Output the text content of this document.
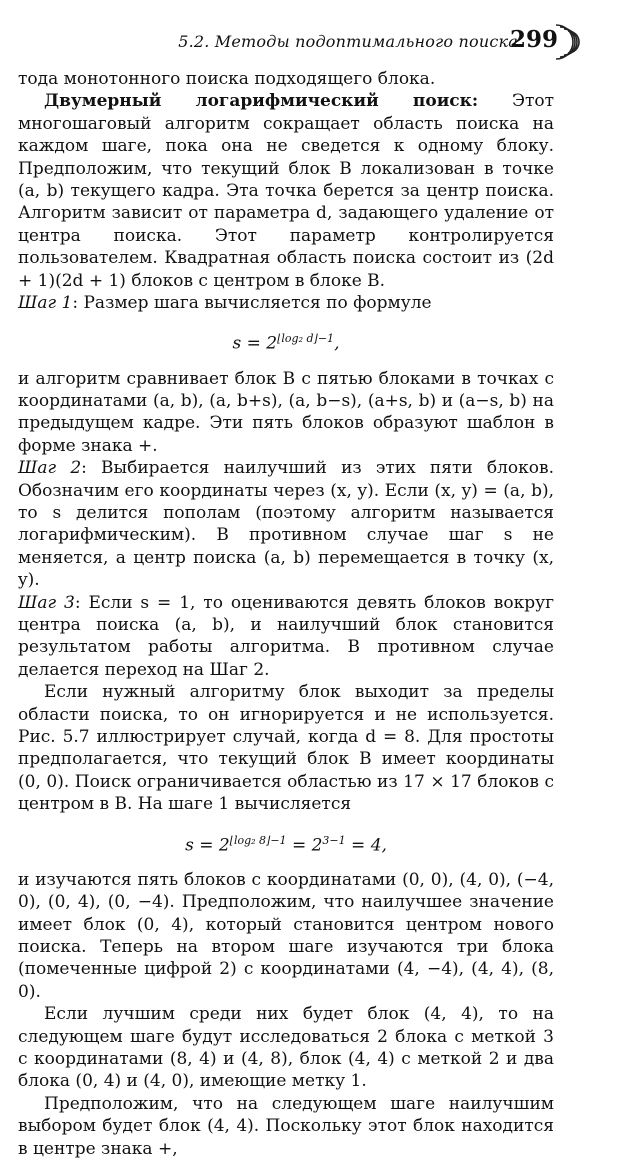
5.2. Методы подоптимального поиска
299

тода монотонного поиска подходящего блока.

Двумерный логарифмический поиск: Этот многошаговый алгоритм сокращает область поиска на каждом шаге, пока она не сведется к одному блоку. Предположим, что текущий блок B локализован в точке (a, b) текущего кадра. Эта точка берется за центр поиска. Алгоритм зависит от параметра d, задающего удаление от центра поиска. Этот параметр контролируется пользователем. Квадратная область поиска состоит из (2d + 1)(2d + 1) блоков с центром в блоке B.

Шаг 1: Размер шага вычисляется по формуле

$s = 2^{⌊log_2 d⌋-1}$,

и алгоритм сравнивает блок B с пятью блоками в точках с координатами (a, b), (a, b+s), (a, b−s), (a+s, b) и (a−s, b) на предыдущем кадре. Эти пять блоков образуют шаблон в форме знака +.

Шаг 2: Выбирается наилучший из этих пяти блоков. Обозначим его координаты через (x, y). Если (x, y) = (a, b), то s делится пополам (поэтому алгоритм называется логарифмическим). В противном случае шаг s не меняется, а центр поиска (a, b) перемещается в точку (x, y).

Шаг 3: Если s = 1, то оцениваются девять блоков вокруг центра поиска (a, b), и наилучший блок становится результатом работы алгоритма. В противном случае делается переход на Шаг 2.

Если нужный алгоритму блок выходит за пределы области поиска, то он игнорируется и не используется. Рис. 5.7 иллюстрирует случай, когда d = 8. Для простоты предполагается, что текущий блок B имеет координаты (0, 0). Поиск ограничивается областью из 17 × 17 блоков с центром в B. На шаге 1 вычисляется

$s = 2^{⌊log_2 8⌋-1} = 2^{3-1} = 4$,

и изучаются пять блоков с координатами (0, 0), (4, 0), (−4, 0), (0, 4), (0, −4). Предположим, что наилучшее значение имеет блок (0, 4), который становится центром нового поиска. Теперь на втором шаге изучаются три блока (помеченные цифрой 2) с координатами (4, −4), (4, 4), (8, 0).

Если лучшим среди них будет блок (4, 4), то на следующем шаге будут исследоваться 2 блока с меткой 3 с координатами (8, 4) и (4, 8), блок (4, 4) с меткой 2 и два блока (0, 4) и (4, 0), имеющие метку 1.

Предположим, что на следующем шаге наилучшим выбором будет блок (4, 4). Поскольку этот блок находится в центре знака +,
